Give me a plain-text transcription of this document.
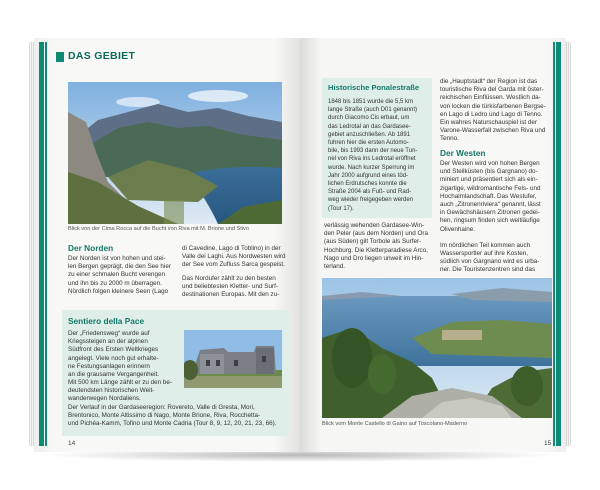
DAS GEBIET
Blick von der Cima Rocca auf die Bucht von Riva mit M. Brione und Stivo
Der Norden
Der Norden ist von hohen und stei-
len Bergen geprägt, die den See hier
zu einer schmalen Bucht verengen
und ihn bis zu 2000 m überragen.
Nördlich folgen kleinere Seen (Lago
di Cavedine, Lago di Toblino) in der
Valle dei Laghi. Aus Nordwesten wird
der See vom Zufluss Sarca gespeist.
Das Nordufer zählt zu den besten
und beliebtesten Kletter- und Surf-
destinationen Europas. Mit den zu-
Sentiero della Pace
Der „Friedensweg“ wurde auf
Kriegssteigen an der alpinen
Südfront des Ersten Weltkrieges
angelegt. Viele noch gut erhalte-
ne Festungsanlagen erinnern
an die grausame Vergangenheit.
Mit 500 km Länge zählt er zu den be-
deutendsten historischen Weit-
wanderwegen Nordaliens.
Der Verlauf in der Gardaseeregion: Rovereto, Valle di Gresta, Mori,
Brentonico, Monte Altissimo di Nago, Monte Brione, Riva, Rocchetta-
und Pichéa-Kamm, Tofino und Monte Cadria (Tour 8, 9, 12, 20, 21, 23, 66).
14
Historische Ponalestraße
1848 bis 1851 wurde die 5,5 km
lange Straße (auch D01 genannt)
durch Giacomo Cis erbaut, um
das Ledrotal an das Gardasee-
gebiet anzuschließen. Ab 1891
fuhren hier die ersten Automo-
bile, bis 1993 dann der neue Tun-
nel von Riva ins Ledrotal eröffnet
wurde. Nach kurzer Sperrung im
Jahr 2000 aufgrund eines töd-
lichen Erdrutsches konnte die
Straße 2004 als Fuß- und Rad-
weg wieder freigegeben werden
(Tour 17).
verlässig wehenden Gardasee-Win-
den Peler (aus dem Norden) und Ora
(aus Süden) gilt Torbole als Surfer-
Hochburg. Die Kletterparadiese Arco,
Nago und Dro liegen unweit im Hin-
terland.
die „Hauptstadt“ der Region ist das
touristische Riva del Garda mit öster-
reichischen Einflüssen. Westlich da-
von locken die türkisfarbenen Bergse-
en Lago di Ledro und Lago di Tenno.
Ein wahres Naturschauspiel ist der
Varone-Wasserfall zwischen Riva und
Tenno.
Der Westen
Der Westen wird von hohen Bergen
und Steilküsten (bis Gargnano) do-
miniert und präsentiert sich als ein-
zigartige, wildromantische Fels- und
Hochalmlandschaft. Das Westufer,
auch „Zitronenriviera“ genannt, lässt
in Gewächshäusern Zitronen gedei-
hen, ringsum finden sich weitläufige
Olivenhaine.
Im nördlichen Teil kommen auch
Wassersportler auf ihre Kosten,
südlich von Gargnano wird es urba-
ner. Die Touristenzentren sind das
Blick vom Monte Castello di Gaino auf Toscolano-Maderno
15
